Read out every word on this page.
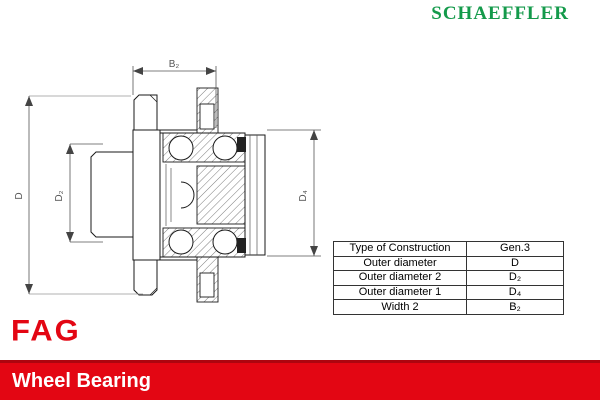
SCHAEFFLER
B₂
D	D₂	D₄
Type of Construction	Gen.3
Outer diameter	D
Outer diameter 2	D₂
Outer diameter 1	D₄
Width 2	B₂
FAG
Wheel Bearing
